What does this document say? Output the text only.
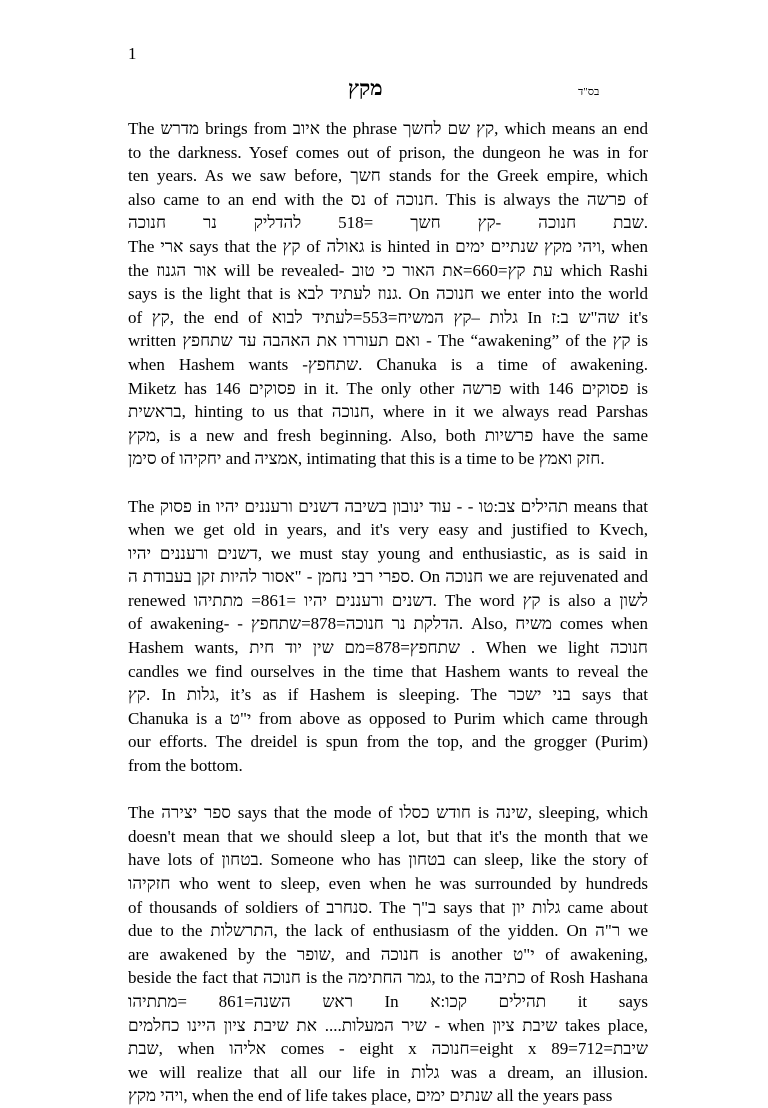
1
מקץ	בס"ד
The מדרש brings from איוב the phrase קץ שם לחשך, which means an end
to the darkness. Yosef comes out of prison, the dungeon he was in for
ten years. As we saw before, חשך stands for the Greek empire, which
also came to an end with the נס of חנוכה. This is always the פרשה of
שבת חנוכה -קץ חשך =518 להדליק נר חנוכה.
The ארי says that the קץ of גאולה is hinted in ויהי מקץ שנתיים ימים, when
the אור הגנוז will be revealed- עת קץ=660=את האור כי טוב which Rashi
says is the light that is גנוז לעתיד לבא. On חנוכה we enter into the world
of קץ, the end of גלות –קץ המשיח=553=לעתיד לבוא In שה"ש ב:ז it's
written ואם תעוררו את האהבה עד שתחפץ - The “awakening” of the קץ is
when Hashem wants -שתחפץ. Chanuka is a time of awakening.
Miketz has 146 פסוקים in it. The only other פרשה with 146 פסוקים is
בראשית, hinting to us that חנוכה, where in it we always read Parshas
מקץ, is a new and fresh beginning. Also, both פרשיות have the same
סימן of יחקיהו and אמציה, intimating that this is a time to be חזק ואמץ.
The פסוק in תהילים צב:טו - - עוד ינובון בשיבה דשנים ורעננים יהיו means that
when we get old in years, and it's very easy and justified to Kvech,
דשנים ורעננים יהיו, we must stay young and enthusiastic, as is said in
ספרי רבי נחמן - "אסור להיות זקן בעבודת ה. On חנוכה we are rejuvenated and
renewed דשנים ורעננים יהיו =861= מתתיהו. The word קץ is also a לשון
of awakening- - הדלקת נר חנוכה=878=שתחפץ. Also, משיח comes when
Hashem wants, שתחפץ=878=מם שין יוד חית . When we light חנוכה
candles we find ourselves in the time that Hashem wants to reveal the
קץ. In גלות, it’s as if Hashem is sleeping. The בני ישכר says that
Chanuka is a י"ט from above as opposed to Purim which came through
our efforts. The dreidel is spun from the top, and the grogger (Purim)
from the bottom.
The ספר יצירה says that the mode of חודש כסלו is שינה, sleeping, which
doesn't mean that we should sleep a lot, but that it's the month that we
have lots of בטחון. Someone who has בטחון can sleep, like the story of
חזקיהו who went to sleep, even when he was surrounded by hundreds
of thousands of soldiers of סנחרב. The ב"ך says that גלות יון came about
due to the התרשלות, the lack of enthusiasm of the yidden. On ר"ה we
are awakened by the שופר, and חנוכה is another י"ט of awakening,
beside the fact that חנוכה is the גמר החתימה, to the כתיבה of Rosh Hashana
ראש השנה=861 =מתתיהו In תהילים קכו:א it says
שיר המעלות.... את שיבת ציון היינו כחלמים - when שיבת ציון takes place,
שבת, when אליהו comes - eight x חנוכה=eight x 89=712=שיבת
we will realize that all our life in גלות was a dream, an illusion.
ויהי מקץ, when the end of life takes place, שנתים ימים all the years pass
